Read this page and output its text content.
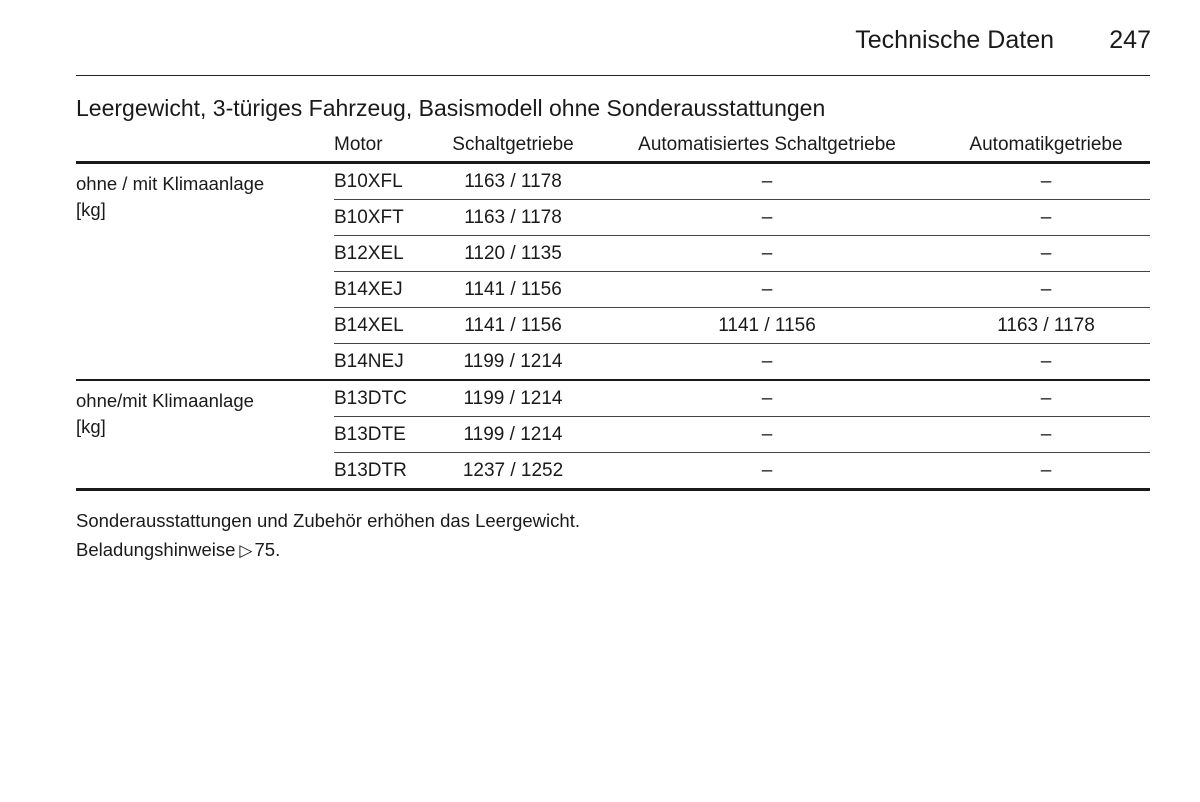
Technische Daten 247
Leergewicht, 3-türiges Fahrzeug, Basismodell ohne Sonderausstattungen
	Motor	Schaltgetriebe	Automatisiertes Schaltgetriebe	Automatikgetriebe

ohne / mit Klimaanlage
[kg]	B10XFL	1163 / 1178	–	–
	B10XFT	1163 / 1178	–	–
	B12XEL	1120 / 1135	–	–
	B14XEJ	1141 / 1156	–	–
	B14XEL	1141 / 1156	1141 / 1156	1163 / 1178
	B14NEJ	1199 / 1214	–	–

ohne/mit Klimaanlage
[kg]	B13DTC	1199 / 1214	–	–
	B13DTE	1199 / 1214	–	–
	B13DTR	1237 / 1252	–	–

Sonderausstattungen und Zubehör erhöhen das Leergewicht.

Beladungshinweise ▷ 75.
